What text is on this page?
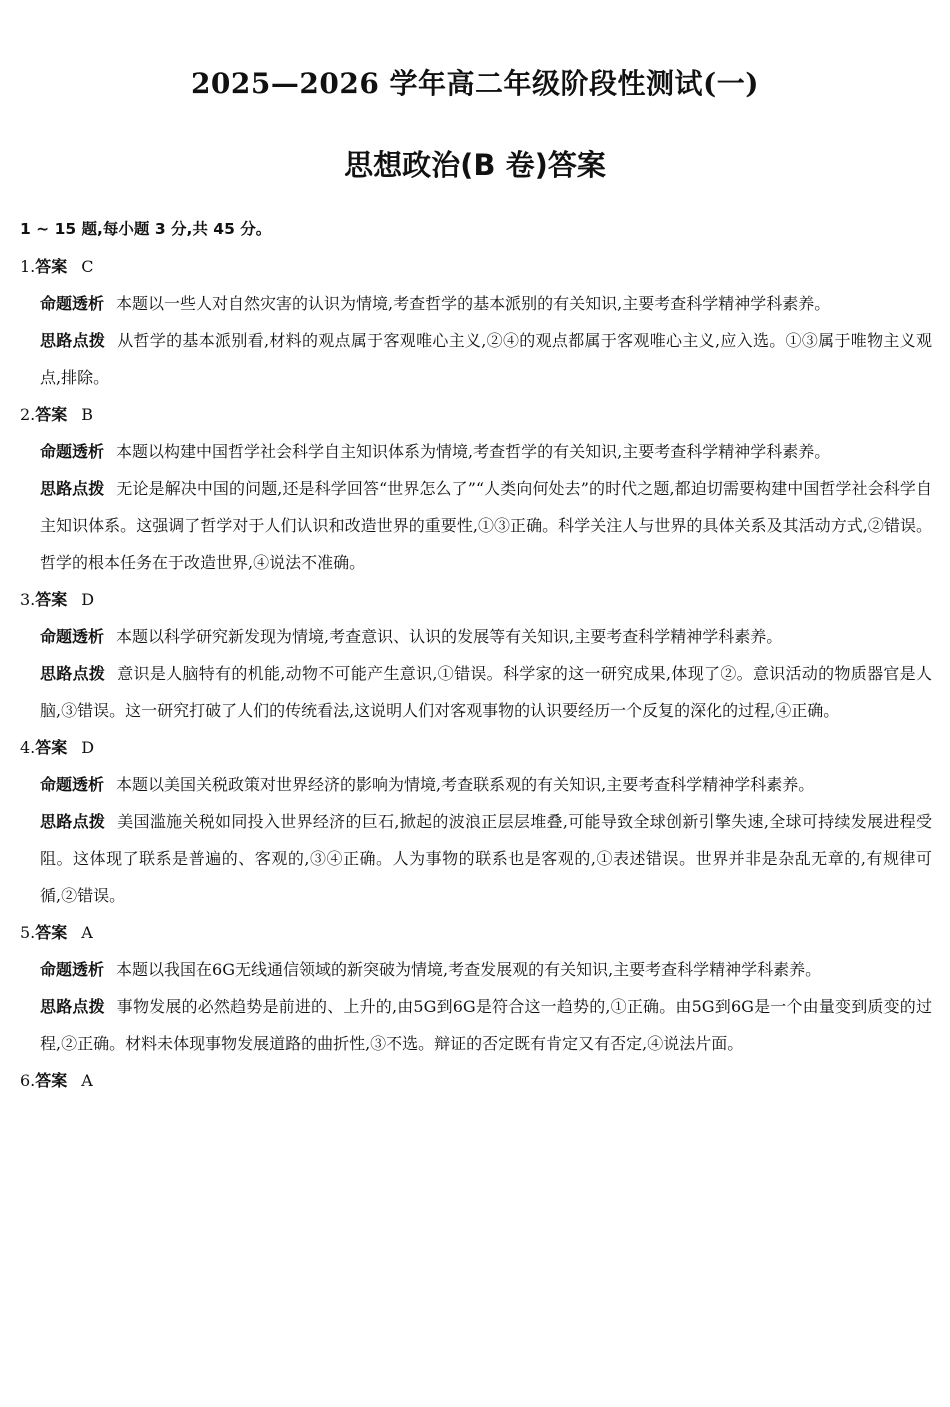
2025—2026 学年高二年级阶段性测试(一)
思想政治(B 卷)答案
1 ~ 15 题,每小题 3 分,共 45 分。
1.答案 C

命题透析 本题以一些人对自然灾害的认识为情境,考查哲学的基本派别的有关知识,主要考查科学精神学科素养。

思路点拨 从哲学的基本派别看,材料的观点属于客观唯心主义,②④的观点都属于客观唯心主义,应入选。①③属于唯物主义观点,排除。

2.答案 B

命题透析 本题以构建中国哲学社会科学自主知识体系为情境,考查哲学的有关知识,主要考查科学精神学科素养。

思路点拨 无论是解决中国的问题,还是科学回答“世界怎么了”“人类向何处去”的时代之题,都迫切需要构建中国哲学社会科学自主知识体系。这强调了哲学对于人们认识和改造世界的重要性,①③正确。科学关注人与世界的具体关系及其活动方式,②错误。哲学的根本任务在于改造世界,④说法不准确。

3.答案 D

命题透析 本题以科学研究新发现为情境,考查意识、认识的发展等有关知识,主要考查科学精神学科素养。

思路点拨 意识是人脑特有的机能,动物不可能产生意识,①错误。科学家的这一研究成果,体现了②。意识活动的物质器官是人脑,③错误。这一研究打破了人们的传统看法,这说明人们对客观事物的认识要经历一个反复的深化的过程,④正确。

4.答案 D

命题透析 本题以美国关税政策对世界经济的影响为情境,考查联系观的有关知识,主要考查科学精神学科素养。

思路点拨 美国滥施关税如同投入世界经济的巨石,掀起的波浪正层层堆叠,可能导致全球创新引擎失速,全球可持续发展进程受阻。这体现了联系是普遍的、客观的,③④正确。人为事物的联系也是客观的,①表述错误。世界并非是杂乱无章的,有规律可循,②错误。

5.答案 A

命题透析 本题以我国在6G无线通信领域的新突破为情境,考查发展观的有关知识,主要考查科学精神学科素养。

思路点拨 事物发展的必然趋势是前进的、上升的,由5G到6G是符合这一趋势的,①正确。由5G到6G是一个由量变到质变的过程,②正确。材料未体现事物发展道路的曲折性,③不选。辩证的否定既有肯定又有否定,④说法片面。

6.答案 A
